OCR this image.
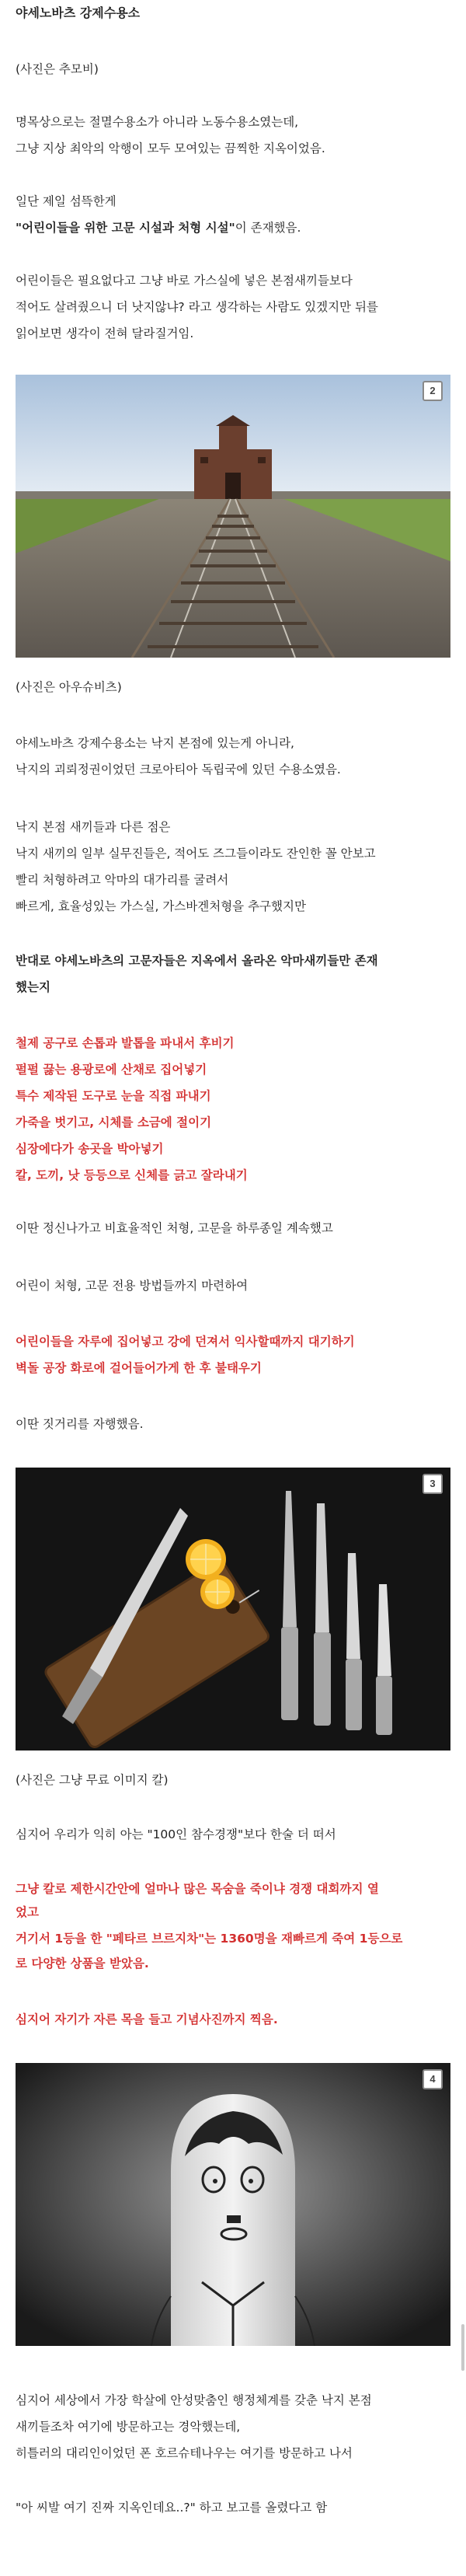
야세노바츠 강제수용소
(사진은 추모비)
명목상으로는 절멸수용소가 아니라 노동수용소였는데,
그냥 지상 최악의 악행이 모두 모여있는 끔찍한 지옥이었음.
일단 제일 섬뜩한게
"어린이들을 위한 고문 시설과 처형 시설"이 존재했음.
어린이들은 필요없다고 그냥 바로 가스실에 넣은 본점새끼들보다
적어도 살려줬으니 더 낫지않냐? 라고 생각하는 사람도 있겠지만 뒤를
읽어보면 생각이 전혀 달라질거임.
2
(사진은 아우슈비츠)
야세노바츠 강제수용소는 낙지 본점에 있는게 아니라,
낙지의 괴뢰정권이었던 크로아티아 독립국에 있던 수용소였음.
낙지 본점 새끼들과 다른 점은
낙지 새끼의 일부 실무진들은, 적어도 즈그들이라도 잔인한 꼴 안보고
빨리 처형하려고 악마의 대가리를 굴려서
빠르게, 효율성있는 가스실, 가스바겐처형을 추구했지만
반대로 야세노바츠의 고문자들은 지옥에서 올라온 악마새끼들만 존재
했는지
철제 공구로 손톱과 발톱을 파내서 후비기
펄펄 끓는 용광로에 산채로 집어넣기
특수 제작된 도구로 눈을 직접 파내기
가죽을 벗기고, 시체를 소금에 절이기
심장에다가 송곳을 박아넣기
칼, 도끼, 낫 등등으로 신체를 긁고 잘라내기
이딴 정신나가고 비효율적인 처형, 고문을 하루종일 계속했고
어린이 처형, 고문 전용 방법들까지 마련하여
어린이들을 자루에 집어넣고 강에 던져서 익사할때까지 대기하기
벽돌 공장 화로에 걸어들어가게 한 후 불태우기
이딴 짓거리를 자행했음.
3
(사진은 그냥 무료 이미지 칼)
심지어 우리가 익히 아는 "100인 참수경쟁"보다 한술 더 떠서
그냥 칼로 제한시간안에 얼마나 많은 목숨을 죽이냐 경쟁 대회까지 열
었고
거기서 1등을 한 "페타르 브르지차"는 1360명을 재빠르게 죽여 1등으로
로 다양한 상품을 받았음.
심지어 자기가 자른 목을 들고 기념사진까지 찍음.
4
심지어 세상에서 가장 학살에 안성맞춤인 행정체계를 갖춘 낙지 본점
새끼들조차 여기에 방문하고는 경악했는데,
히틀러의 대리인이었던 폰 호르슈테나우는 여기를 방문하고 나서
"아 씨발 여기 진짜 지옥인데요..?" 하고 보고를 올렸다고 함
